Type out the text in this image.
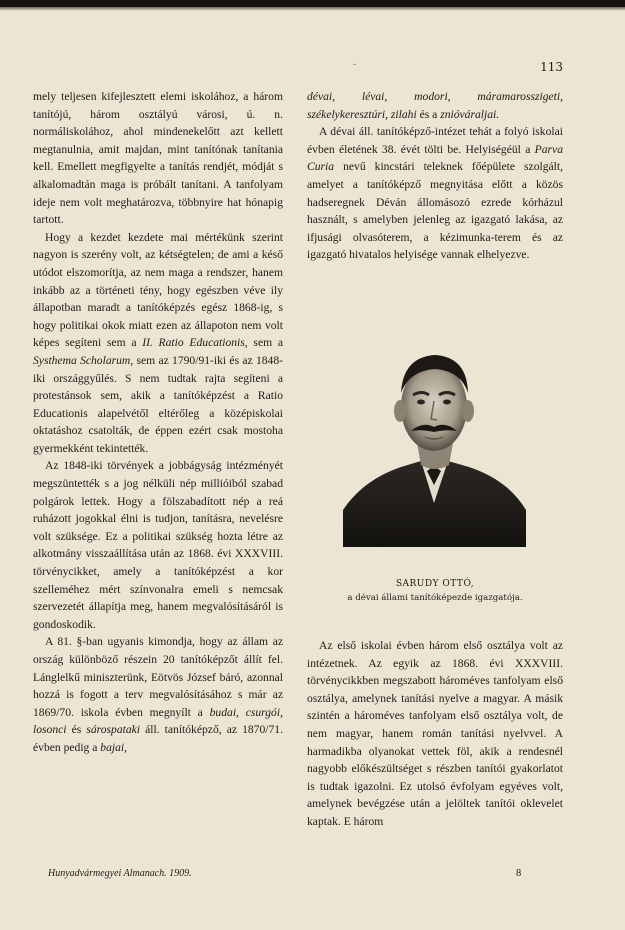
-	113

mely teljesen kifejlesztett elemi iskolához, a három tanítójú, három osztályú városi, ú. n. normáliskolához, ahol mindenekelőtt azt kellett megtanulnia, amit majdan, mint tanítónak tanítania kell. Emellett megfigyelte a tanítás rendjét, módját s alkalomadtán maga is próbált tanítani. A tanfolyam ideje nem volt meghatározva, többnyire hat hónapig tartott.

Hogy a kezdet kezdete mai mértékünk szerint nagyon is szerény volt, az kétségtelen; de ami a késő utódot elszomorítja, az nem maga a rendszer, hanem inkább az a történeti tény, hogy egészben véve ily állapotban maradt a tanítóképzés egész 1868-ig, s hogy politikai okok miatt ezen az állapoton nem volt képes segíteni sem a II. Ratio Educationis, sem a Systhema Scholarum, sem az 1790/91-iki és az 1848-iki országgyűlés. S nem tudtak rajta segíteni a protestánsok sem, akik a tanítóképzést a Ratio Educationis alapelvétől eltérőleg a középiskolai oktatáshoz csatolták, de éppen ezért csak mostoha gyermekként tekintették.

Az 1848-iki törvények a jobbágyság intézményét megszüntették s a jog nélküli nép millióiból szabad polgárok lettek. Hogy a fölszabadított nép a reá ruházott jogokkal élni is tudjon, tanításra, nevelésre volt szüksége. Ez a politikai szükség hozta létre az alkotmány visszaállítása után az 1868. évi XXXVIII. törvénycikket, amely a tanítóképzést a kor szelleméhez mért színvonalra emeli s nemcsak szervezetét állapítja meg, hanem megvalósításáról is gondoskodik.

A 81. §-ban ugyanis kimondja, hogy az állam az ország különböző részein 20 tanítóképzőt állít fel. Lánglelkű miniszterünk, Eötvös József báró, azonnal hozzá is fogott a terv megvalósításához s már az 1869/70. iskola évben megnyílt a budai, csurgói, losonci és sárospataki áll. tanítóképző, az 1870/71. évben pedig a bajai,

dévai, lévai, modori, máramarosszigeti, székelykeresztúri, zilahi és a znióváraljai.

A dévai áll. tanítóképző-intézet tehát a folyó iskolai évben életének 38. évét tölti be. Helyiségéül a Parva Curia nevű kincstári teleknek főépülete szolgált, amelyet a tanítóképző megnyitása előtt a közös hadseregnek Déván állomásozó ezrede kórházul használt, s amelyben jelenleg az igazgató lakása, az ifjusági olvasóterem, a kézimunka-terem és az igazgató hivatalos helyisége vannak elhelyezve.

SARUDY OTTÓ,
a dévai állami tanítóképezde igazgatója.

Az első iskolai évben három első osztálya volt az intézetnek. Az egyik az 1868. évi XXXVIII. törvénycikkben megszabott hároméves tanfolyam első osztálya, amelynek tanítási nyelve a magyar. A másik szintén a hároméves tanfolyam első osztálya volt, de nem magyar, hanem román tanítási nyelvvel. A harmadikba olyanokat vettek föl, akik a rendesnél nagyobb előkészültséget s részben tanítói gyakorlatot is tudtak igazolni. Ez utolsó évfolyam egyéves volt, amelynek bevégzése után a jelöltek tanítói oklevelet kaptak. E három

Hunyadvármegyei Almanach. 1909.	8
